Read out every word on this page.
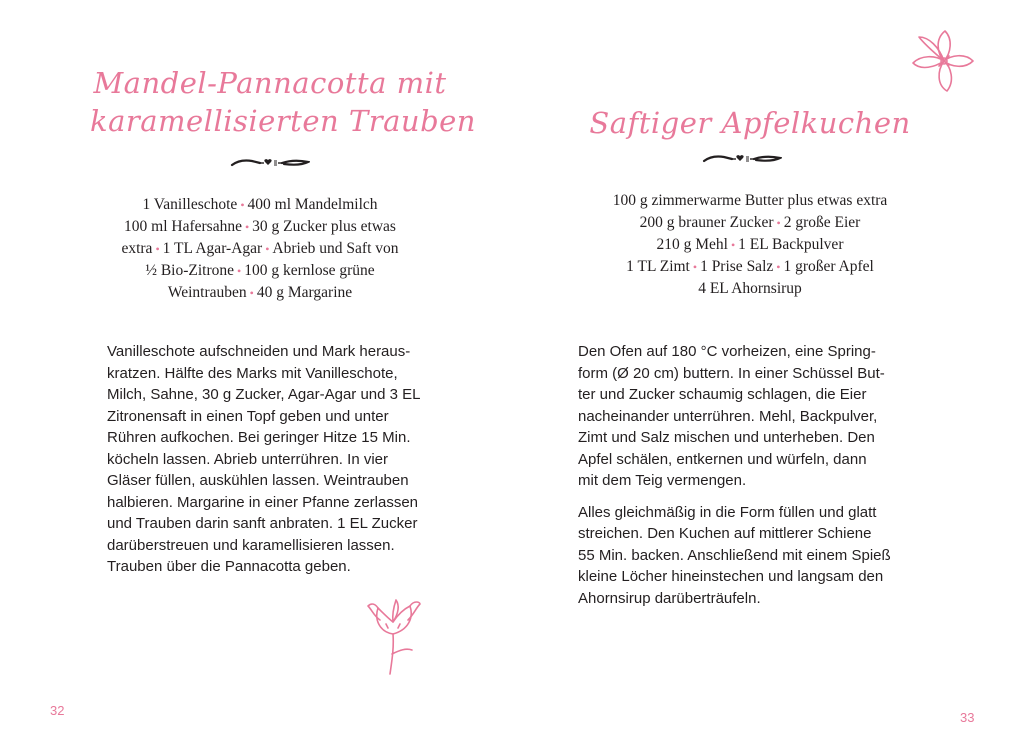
Mandel-Pannacotta mit
karamellisierten Trauben
1 Vanilleschote • 400 ml Mandelmilch
100 ml Hafersahne • 30 g Zucker plus etwas
extra • 1 TL Agar-Agar • Abrieb und Saft von
½ Bio-Zitrone • 100 g kernlose grüne
Weintrauben • 40 g Margarine

Vanilleschote aufschneiden und Mark heraus-
kratzen. Hälfte des Marks mit Vanilleschote,
Milch, Sahne, 30 g Zucker, Agar-Agar und 3 EL
Zitronensaft in einen Topf geben und unter
Rühren aufkochen. Bei geringer Hitze 15 Min.
köcheln lassen. Abrieb unterrühren. In vier
Gläser füllen, auskühlen lassen. Weintrauben
halbieren. Margarine in einer Pfanne zerlassen
und Trauben darin sanft anbraten. 1 EL Zucker
darüberstreuen und karamellisieren lassen.
Trauben über die Pannacotta geben.

32
Saftiger Apfelkuchen
100 g zimmerwarme Butter plus etwas extra
200 g brauner Zucker • 2 große Eier
210 g Mehl • 1 EL Backpulver
1 TL Zimt • 1 Prise Salz • 1 großer Apfel
4 EL Ahornsirup

Den Ofen auf 180 °C vorheizen, eine Spring-
form (Ø 20 cm) buttern. In einer Schüssel But-
ter und Zucker schaumig schlagen, die Eier
nacheinander unterrühren. Mehl, Backpulver,
Zimt und Salz mischen und unterheben. Den
Apfel schälen, entkernen und würfeln, dann
mit dem Teig vermengen.

Alles gleichmäßig in die Form füllen und glatt
streichen. Den Kuchen auf mittlerer Schiene
55 Min. backen. Anschließend mit einem Spieß
kleine Löcher hineinstechen und langsam den
Ahornsirup darüberträufeln.

33
